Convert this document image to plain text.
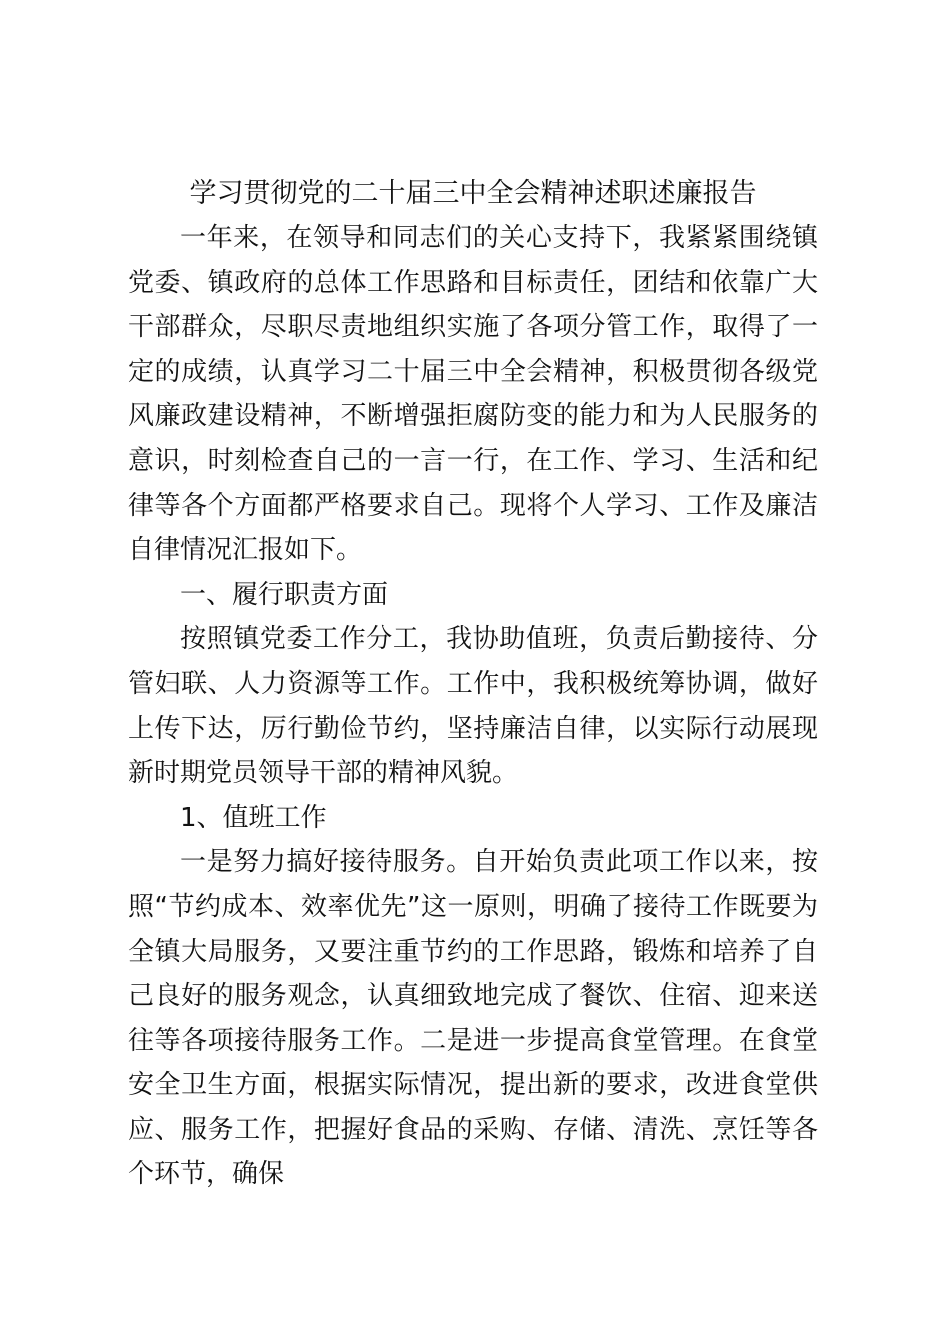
学习贯彻党的二十届三中全会精神述职述廉报告

一年来，在领导和同志们的关心支持下，我紧紧围绕镇党委、镇政府的总体工作思路和目标责任，团结和依靠广大干部群众，尽职尽责地组织实施了各项分管工作，取得了一定的成绩，认真学习二十届三中全会精神，积极贯彻各级党风廉政建设精神，不断增强拒腐防变的能力和为人民服务的意识，时刻检查自己的一言一行，在工作、学习、生活和纪律等各个方面都严格要求自己。现将个人学习、工作及廉洁自律情况汇报如下。

一、履行职责方面

按照镇党委工作分工，我协助值班，负责后勤接待、分管妇联、人力资源等工作。工作中，我积极统筹协调，做好上传下达，厉行勤俭节约，坚持廉洁自律，以实际行动展现新时期党员领导干部的精神风貌。

1、值班工作

一是努力搞好接待服务。自开始负责此项工作以来，按照“节约成本、效率优先”这一原则，明确了接待工作既要为全镇大局服务，又要注重节约的工作思路，锻炼和培养了自己良好的服务观念，认真细致地完成了餐饮、住宿、迎来送往等各项接待服务工作。二是进一步提高食堂管理。在食堂安全卫生方面，根据实际情况，提出新的要求，改进食堂供应、服务工作，把握好食品的采购、存储、清洗、烹饪等各个环节，确保
